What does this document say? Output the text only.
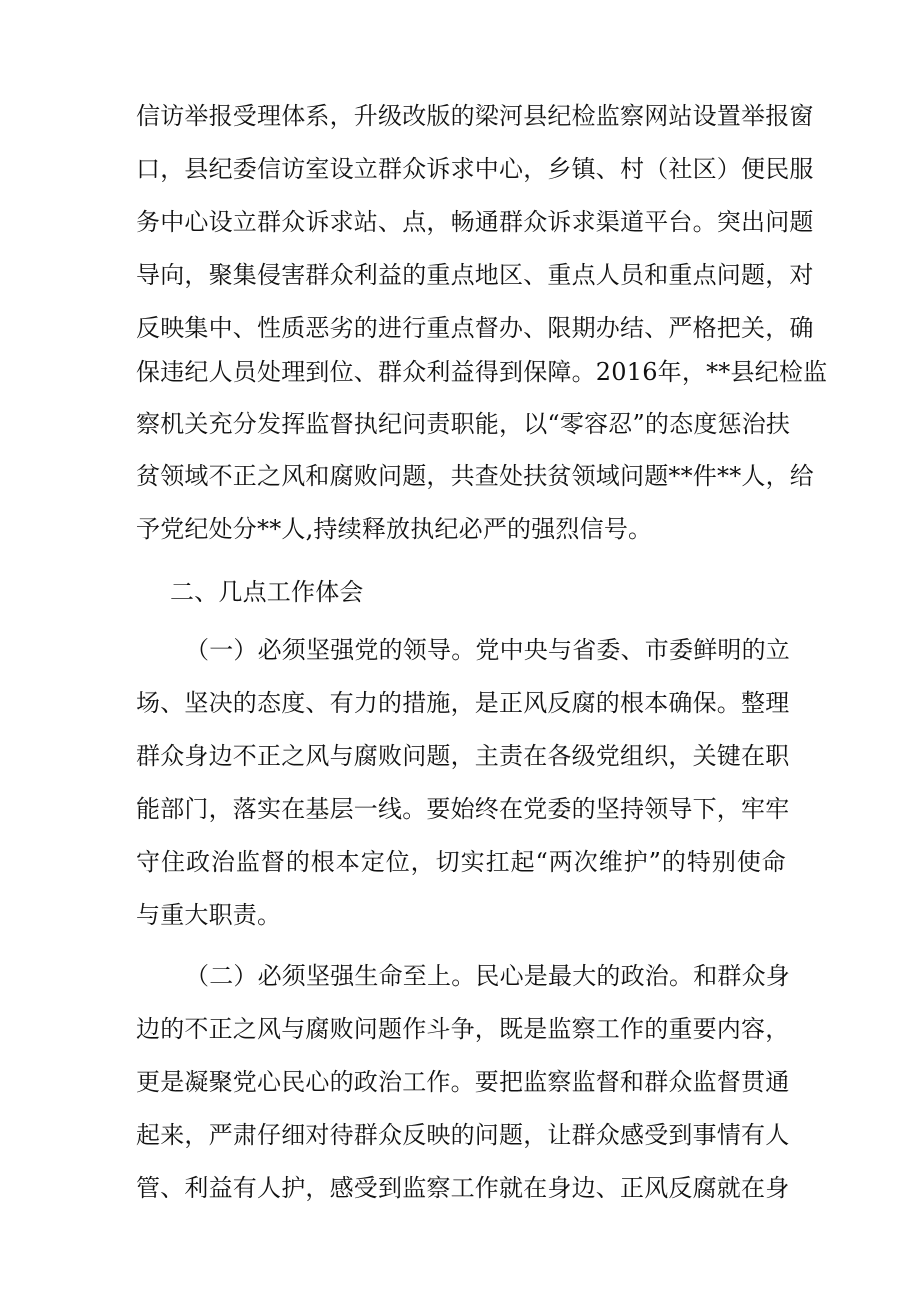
信访举报受理体系，升级改版的梁河县纪检监察网站设置举报窗
口，县纪委信访室设立群众诉求中心，乡镇、村（社区）便民服
务中心设立群众诉求站、点，畅通群众诉求渠道平台。突出问题
导向，聚集侵害群众利益的重点地区、重点人员和重点问题，对
反映集中、性质恶劣的进行重点督办、限期办结、严格把关，确
保违纪人员处理到位、群众利益得到保障。2016年，**县纪检监
察机关充分发挥监督执纪问责职能，以“零容忍”的态度惩治扶
贫领域不正之风和腐败问题，共查处扶贫领域问题**件**人，给
予党纪处分**人,持续释放执纪必严的强烈信号。
二、几点工作体会
（一）必须坚强党的领导。党中央与省委、市委鲜明的立
场、坚决的态度、有力的措施，是正风反腐的根本确保。整理
群众身边不正之风与腐败问题，主责在各级党组织，关键在职
能部门，落实在基层一线。要始终在党委的坚持领导下，牢牢
守住政治监督的根本定位，切实扛起“两次维护”的特别使命
与重大职责。
（二）必须坚强生命至上。民心是最大的政治。和群众身
边的不正之风与腐败问题作斗争，既是监察工作的重要内容，
更是凝聚党心民心的政治工作。要把监察监督和群众监督贯通
起来，严肃仔细对待群众反映的问题，让群众感受到事情有人
管、利益有人护，感受到监察工作就在身边、正风反腐就在身
